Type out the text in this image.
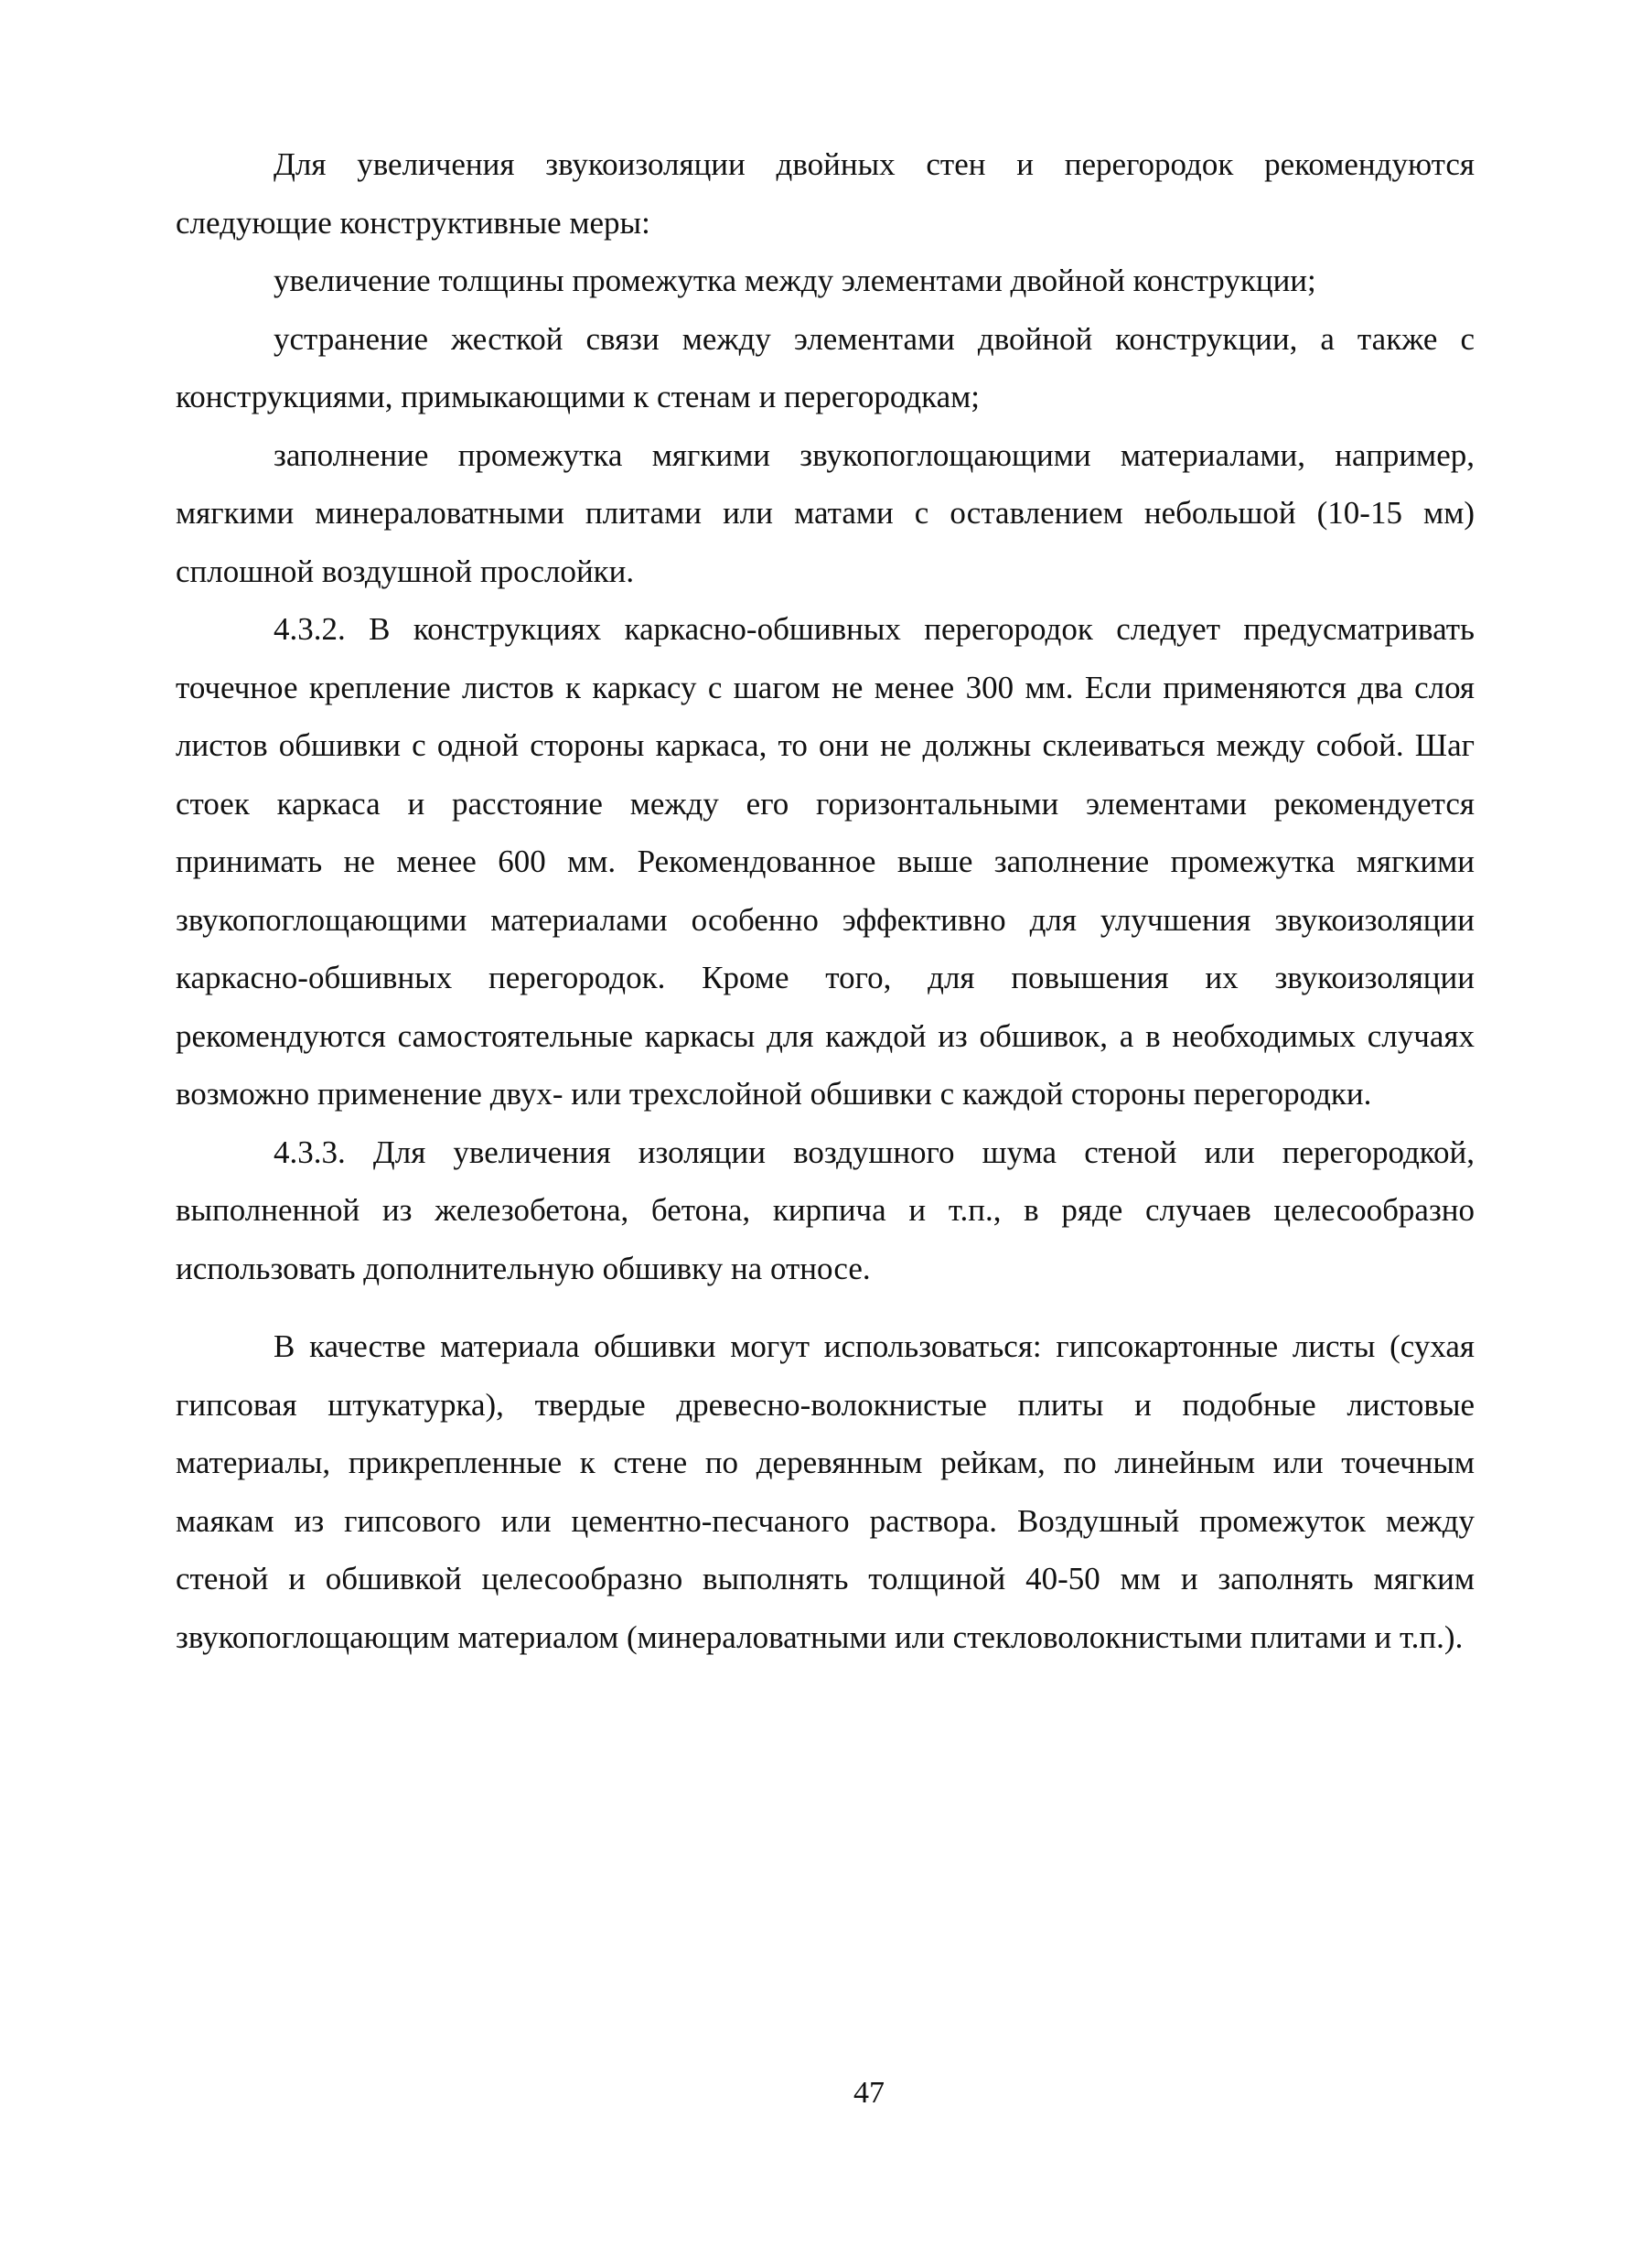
Для увеличения звукоизоляции двойных стен и перегородок рекомендуются следующие конструктивные меры:

увеличение толщины промежутка между элементами двойной конструкции;

устранение жесткой связи между элементами двойной конструкции, а также с конструкциями, примыкающими к стенам и перегородкам;

заполнение промежутка мягкими звукопоглощающими материалами, например, мягкими минераловатными плитами или матами с оставлением небольшой (10-15 мм) сплошной воздушной прослойки.

4.3.2. В конструкциях каркасно-обшивных перегородок следует предусматривать точечное крепление листов к каркасу с шагом не менее 300 мм. Если применяются два слоя листов обшивки с одной стороны каркаса, то они не должны склеиваться между собой. Шаг стоек каркаса и расстояние между его горизонтальными элементами рекомендуется принимать не менее 600 мм. Рекомендованное выше заполнение промежутка мягкими звукопоглощающими материалами особенно эффективно для улучшения звукоизоляции каркасно-обшивных перегородок. Кроме того, для повышения их звукоизоляции рекомендуются самостоятельные каркасы для каждой из обшивок, а в необходимых случаях возможно применение двух- или трехслойной обшивки с каждой стороны перегородки.

4.3.3. Для увеличения изоляции воздушного шума стеной или перегородкой, выполненной из железобетона, бетона, кирпича и т.п., в ряде случаев целесообразно использовать дополнительную обшивку на относе.

В качестве материала обшивки могут использоваться: гипсокартонные листы (сухая гипсовая штукатурка), твердые древесно-волокнистые плиты и подобные листовые материалы, прикрепленные к стене по деревянным рейкам, по линейным или точечным маякам из гипсового или цементно-песчаного раствора. Воздушный промежуток между стеной и обшивкой целесообразно выполнять толщиной 40-50 мм и заполнять мягким звукопоглощающим материалом (минераловатными или стекловолокнистыми плитами и т.п.).

47
